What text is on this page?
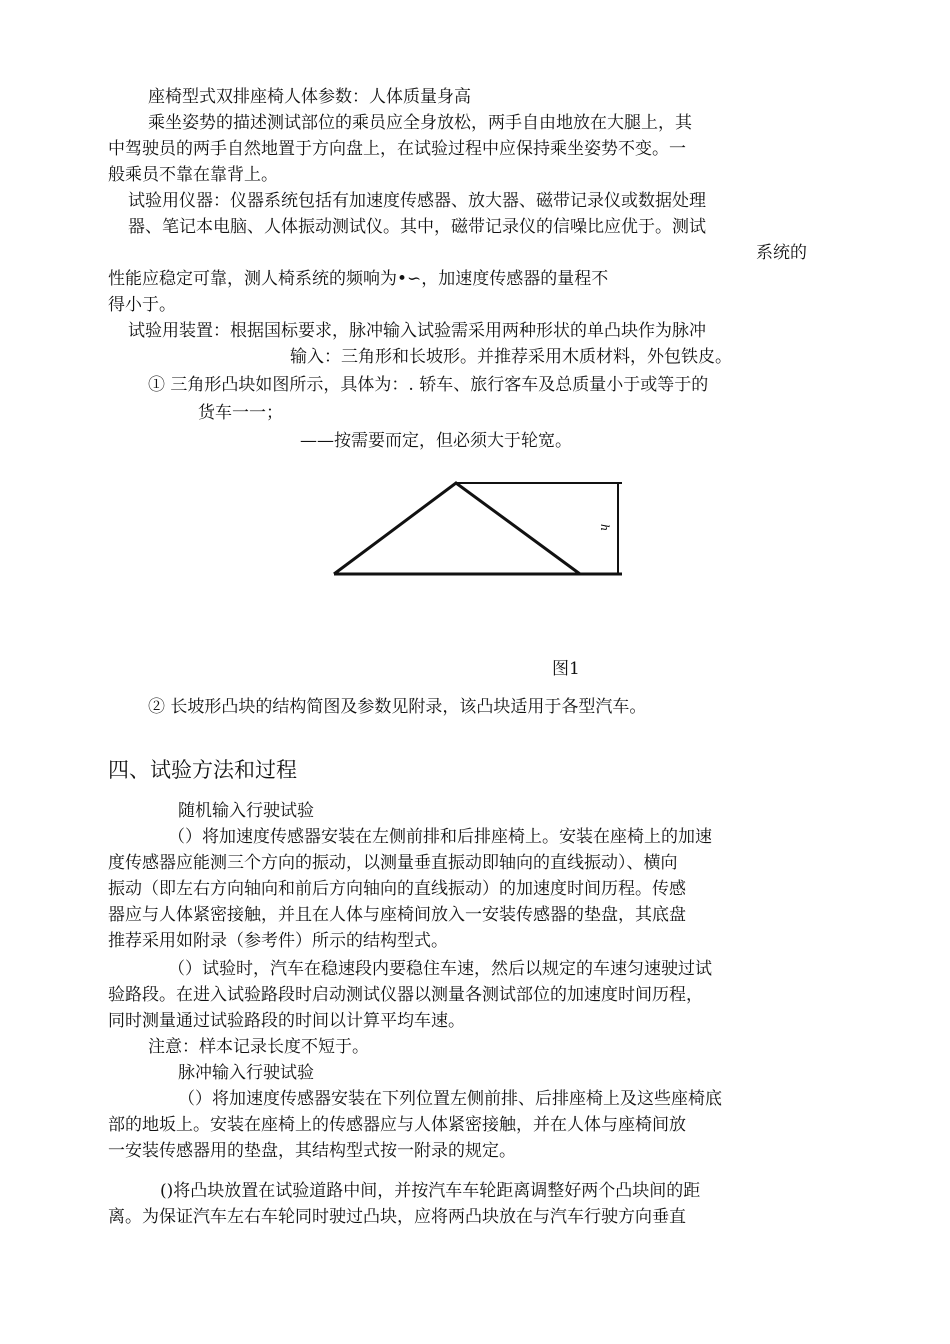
座椅型式双排座椅人体参数：人体质量身高
乘坐姿势的描述测试部位的乘员应全身放松，两手自由地放在大腿上，其
中驾驶员的两手自然地置于方向盘上，在试验过程中应保持乘坐姿势不变。一
般乘员不靠在靠背上。
试验用仪器：仪器系统包括有加速度传感器、放大器、磁带记录仪或数据处理
器、笔记本电脑、人体振动测试仪。其中，磁带记录仪的信噪比应优于。测试
系统的
性能应稳定可靠，测人椅系统的频响为•∽，加速度传感器的量程不
得小于。
试验用装置：根据国标要求，脉冲输入试验需采用两种形状的单凸块作为脉冲
输入：三角形和长坡形。并推荐采用木质材料，外包铁皮。
① 三角形凸块如图所示，具体为：. 轿车、旅行客车及总质量小于或等于的
货车一一；
——按需要而定，但必须大于轮宽。
h
图1
② 长坡形凸块的结构简图及参数见附录，该凸块适用于各型汽车。
四、试验方法和过程
随机输入行驶试验
（）将加速度传感器安装在左侧前排和后排座椅上。安装在座椅上的加速
度传感器应能测三个方向的振动，以测量垂直振动即轴向的直线振动）、横向
振动（即左右方向轴向和前后方向轴向的直线振动）的加速度时间历程。传感
器应与人体紧密接触，并且在人体与座椅间放入一安装传感器的垫盘，其底盘
推荐采用如附录（参考件）所示的结构型式。
（）试验时，汽车在稳速段内要稳住车速，然后以规定的车速匀速驶过试
验路段。在进入试验路段时启动测试仪器以测量各测试部位的加速度时间历程，
同时测量通过试验路段的时间以计算平均车速。
注意：样本记录长度不短于。
脉冲输入行驶试验
（）将加速度传感器安装在下列位置左侧前排、后排座椅上及这些座椅底
部的地坂上。安装在座椅上的传感器应与人体紧密接触，并在人体与座椅间放
一安装传感器用的垫盘，其结构型式按一附录的规定。
()将凸块放置在试验道路中间，并按汽车车轮距离调整好两个凸块间的距
离。为保证汽车左右车轮同时驶过凸块，应将两凸块放在与汽车行驶方向垂直
